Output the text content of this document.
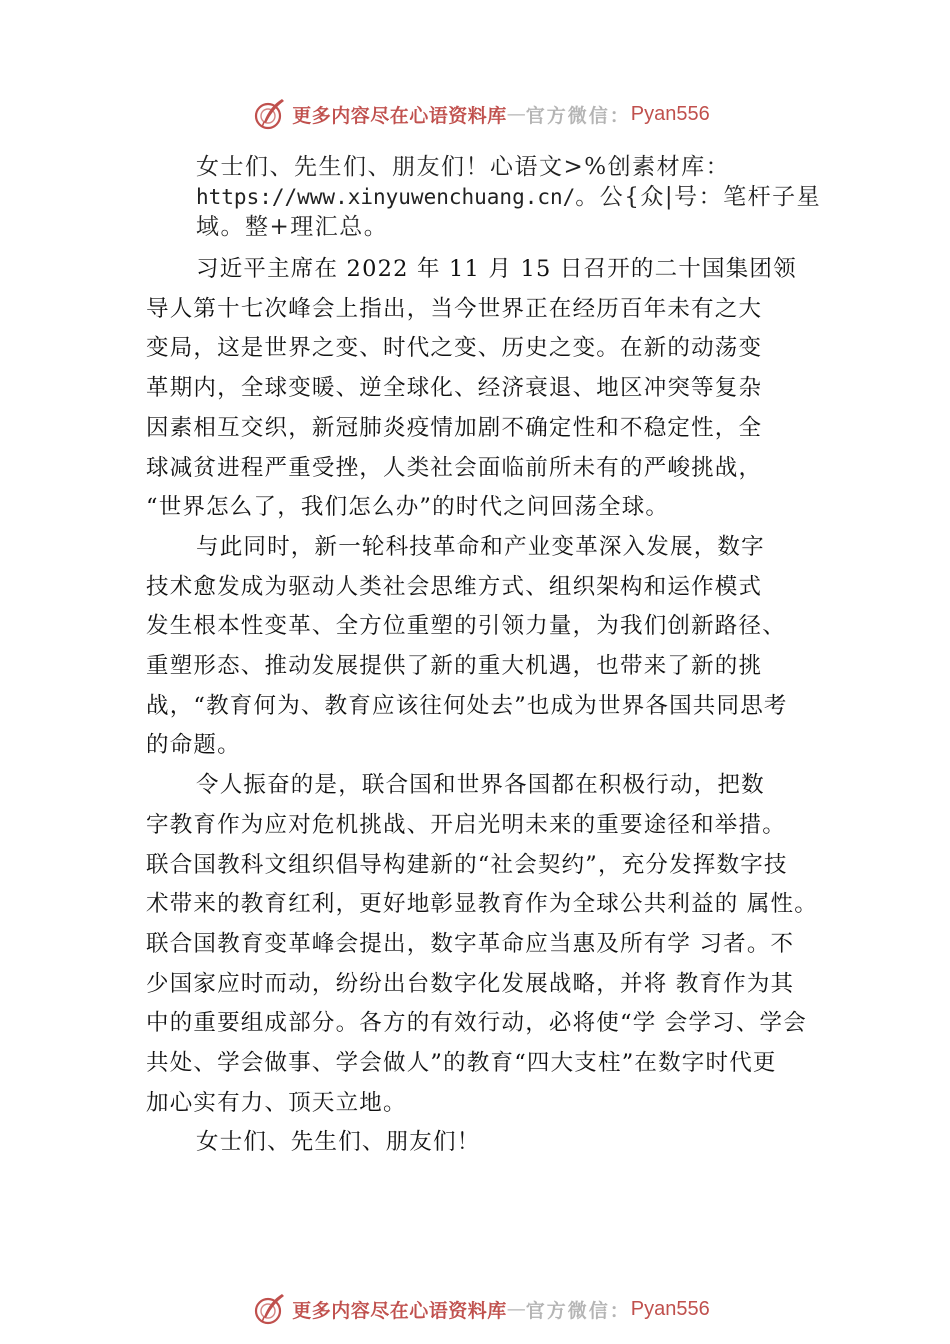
更多内容尽在心语资料库 — 官方微信： Pyan556
女士们、先生们、朋友们！心语文>%创素材库：
https://www.xinyuwenchuang.cn/。公{众|号：笔杆子星
域。整+理汇总。
习近平主席在 2022 年 11 月 15 日召开的二十国集团领
导人第十七次峰会上指出，当今世界正在经历百年未有之大
变局，这是世界之变、时代之变、历史之变。在新的动荡变
革期内，全球变暖、逆全球化、经济衰退、地区冲突等复杂
因素相互交织，新冠肺炎疫情加剧不确定性和不稳定性，全
球减贫进程严重受挫，人类社会面临前所未有的严峻挑战，
“世界怎么了，我们怎么办”的时代之问回荡全球。
与此同时，新一轮科技革命和产业变革深入发展，数字
技术愈发成为驱动人类社会思维方式、组织架构和运作模式
发生根本性变革、全方位重塑的引领力量，为我们创新路径、
重塑形态、推动发展提供了新的重大机遇，也带来了新的挑
战，“教育何为、教育应该往何处去”也成为世界各国共同思考
的命题。
令人振奋的是，联合国和世界各国都在积极行动，把数
字教育作为应对危机挑战、开启光明未来的重要途径和举措。
联合国教科文组织倡导构建新的“社会契约”，充分发挥数字技
术带来的教育红利，更好地彰显教育作为全球公共利益的 属性。
联合国教育变革峰会提出，数字革命应当惠及所有学 习者。不
少国家应时而动，纷纷出台数字化发展战略，并将 教育作为其
中的重要组成部分。各方的有效行动，必将使“学 会学习、学会
共处、学会做事、学会做人”的教育“四大支柱”在数字时代更
加心实有力、顶天立地。
女士们、先生们、朋友们！
更多内容尽在心语资料库 — 官方微信： Pyan556
